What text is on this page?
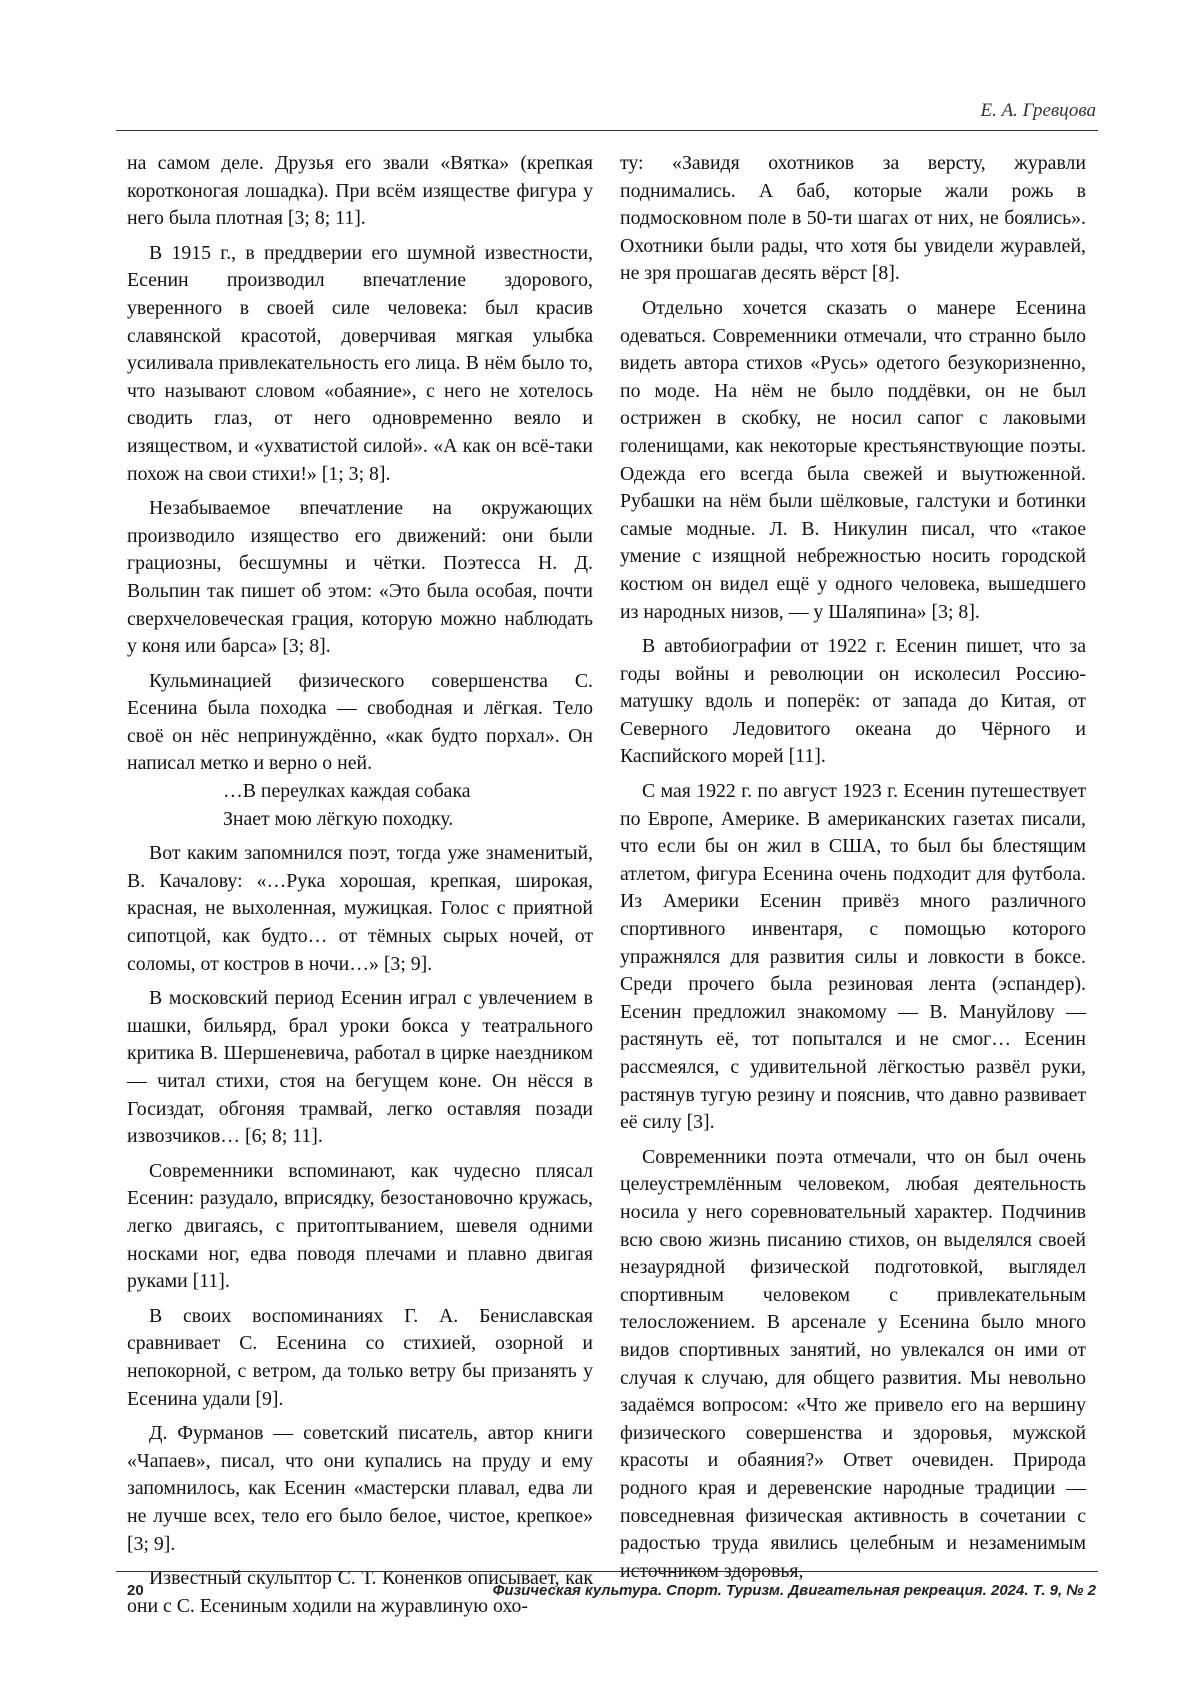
Е. А. Гревцова

на самом деле. Друзья его звали «Вятка» (крепкая коротконогая лошадка). При всём изяществе фигура у него была плотная [3; 8; 11].

В 1915 г., в преддверии его шумной известности, Есенин производил впечатление здорового, уверенного в своей силе человека: был красив славянской красотой, доверчивая мягкая улыбка усиливала привлекательность его лица. В нём было то, что называют словом «обаяние», с него не хотелось сводить глаз, от него одновременно веяло и изяществом, и «ухватистой силой». «А как он всё-таки похож на свои стихи!» [1; 3; 8].

Незабываемое впечатление на окружающих производило изящество его движений: они были грациозны, бесшумны и чётки. Поэтесса Н. Д. Вольпин так пишет об этом: «Это была особая, почти сверхчеловеческая грация, которую можно наблюдать у коня или барса» [3; 8].

Кульминацией физического совершенства С. Есенина была походка — свободная и лёгкая. Тело своё он нёс непринуждённо, «как будто порхал». Он написал метко и верно о ней.

…В переулках каждая собака
Знает мою лёгкую походку.

Вот каким запомнился поэт, тогда уже знаменитый, В. Качалову: «…Рука хорошая, крепкая, широкая, красная, не выхоленная, мужицкая. Голос с приятной сипотцой, как будто… от тёмных сырых ночей, от соломы, от костров в ночи…» [3; 9].

В московский период Есенин играл с увлечением в шашки, бильярд, брал уроки бокса у театрального критика В. Шершеневича, работал в цирке наездником — читал стихи, стоя на бегущем коне. Он нёсся в Госиздат, обгоняя трамвай, легко оставляя позади извозчиков… [6; 8; 11].

Современники вспоминают, как чудесно плясал Есенин: разудало, вприсядку, безостановочно кружась, легко двигаясь, с притоптыванием, шевеля одними носками ног, едва поводя плечами и плавно двигая руками [11].

В своих воспоминаниях Г. А. Бениславская сравнивает С. Есенина со стихией, озорной и непокорной, с ветром, да только ветру бы призанять у Есенина удали [9].

Д. Фурманов — советский писатель, автор книги «Чапаев», писал, что они купались на пруду и ему запомнилось, как Есенин «мастерски плавал, едва ли не лучше всех, тело его было белое, чистое, крепкое» [3; 9].

Известный скульптор С. Т. Коненков описывает, как они с С. Есениным ходили на журавлиную охо-

ту: «Завидя охотников за версту, журавли поднимались. А баб, которые жали рожь в подмосковном поле в 50-ти шагах от них, не боялись». Охотники были рады, что хотя бы увидели журавлей, не зря прошагав десять вёрст [8].

Отдельно хочется сказать о манере Есенина одеваться. Современники отмечали, что странно было видеть автора стихов «Русь» одетого безукоризненно, по моде. На нём не было поддёвки, он не был острижен в скобку, не носил сапог с лаковыми голенищами, как некоторые крестьянствующие поэты. Одежда его всегда была свежей и выутюженной. Рубашки на нём были шёлковые, галстуки и ботинки самые модные. Л. В. Никулин писал, что «такое умение с изящной небрежностью носить городской костюм он видел ещё у одного человека, вышедшего из народных низов, — у Шаляпина» [3; 8].

В автобиографии от 1922 г. Есенин пишет, что за годы войны и революции он исколесил Россию-матушку вдоль и поперёк: от запада до Китая, от Северного Ледовитого океана до Чёрного и Каспийского морей [11].

С мая 1922 г. по август 1923 г. Есенин путешествует по Европе, Америке. В американских газетах писали, что если бы он жил в США, то был бы блестящим атлетом, фигура Есенина очень подходит для футбола. Из Америки Есенин привёз много различного спортивного инвентаря, с помощью которого упражнялся для развития силы и ловкости в боксе. Среди прочего была резиновая лента (эспандер). Есенин предложил знакомому — В. Мануйлову — растянуть её, тот попытался и не смог… Есенин рассмеялся, с удивительной лёгкостью развёл руки, растянув тугую резину и пояснив, что давно развивает её силу [3].

Современники поэта отмечали, что он был очень целеустремлённым человеком, любая деятельность носила у него соревновательный характер. Подчинив всю свою жизнь писанию стихов, он выделялся своей незаурядной физической подготовкой, выглядел спортивным человеком с привлекательным телосложением. В арсенале у Есенина было много видов спортивных занятий, но увлекался он ими от случая к случаю, для общего развития. Мы невольно задаёмся вопросом: «Что же привело его на вершину физического совершенства и здоровья, мужской красоты и обаяния?» Ответ очевиден. Природа родного края и деревенские народные традиции — повседневная физическая активность в сочетании с радостью труда явились целебным и незаменимым источником здоровья,

20	Физическая культура. Спорт. Туризм. Двигательная рекреация. 2024. Т. 9, № 2
